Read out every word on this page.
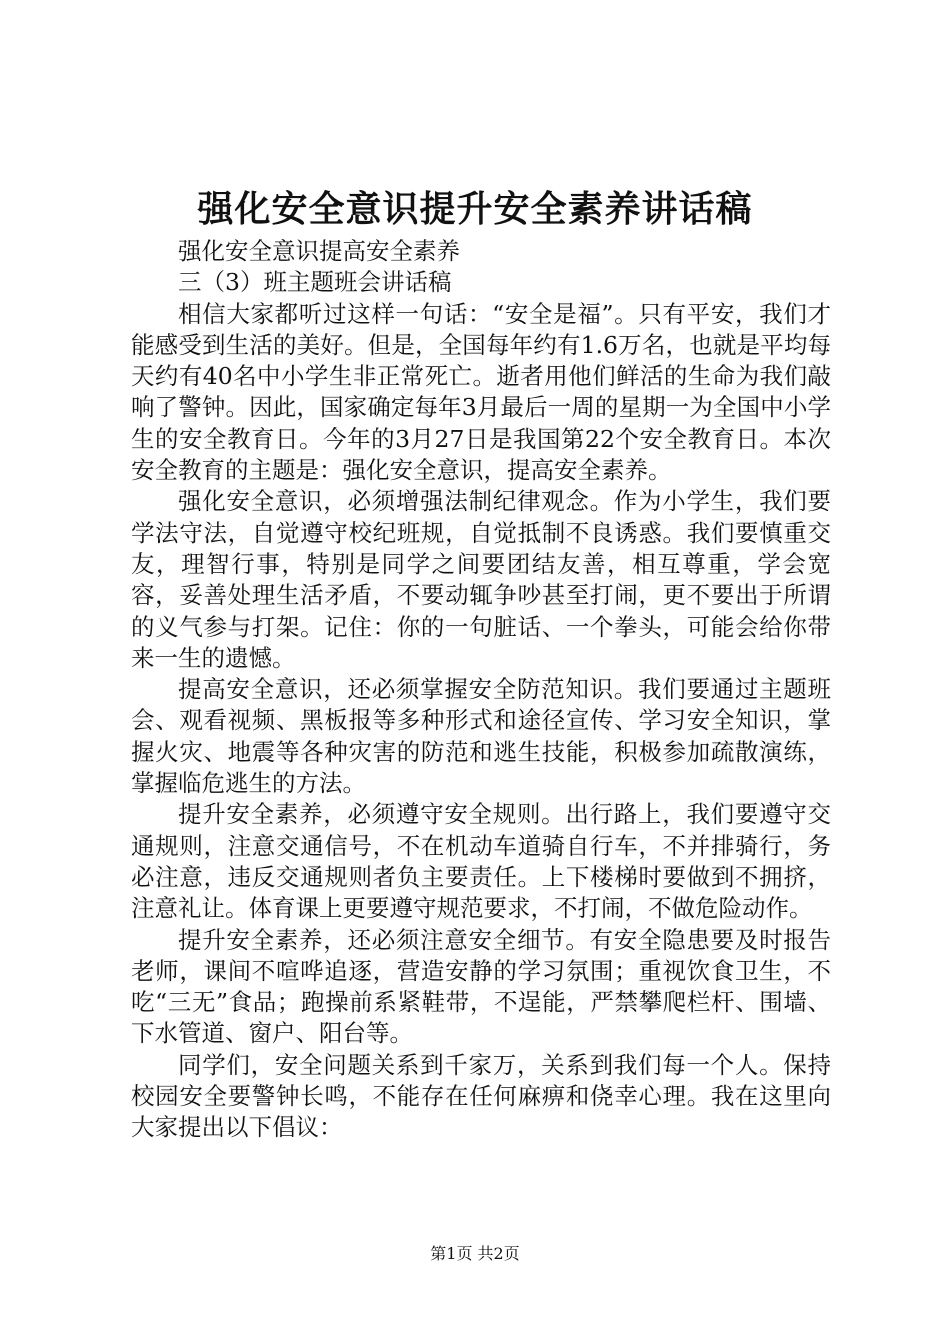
强化安全意识提升安全素养讲话稿

强化安全意识提高安全素养

三（3）班主题班会讲话稿

相信大家都听过这样一句话：“安全是福”。只有平安，我们才能感受到生活的美好。但是，全国每年约有1.6万名，也就是平均每天约有40名中小学生非正常死亡。逝者用他们鲜活的生命为我们敲响了警钟。因此，国家确定每年3月最后一周的星期一为全国中小学生的安全教育日。今年的3月27日是我国第22个安全教育日。本次安全教育的主题是：强化安全意识，提高安全素养。

强化安全意识，必须增强法制纪律观念。作为小学生，我们要学法守法，自觉遵守校纪班规，自觉抵制不良诱惑。我们要慎重交友，理智行事，特别是同学之间要团结友善，相互尊重，学会宽容，妥善处理生活矛盾，不要动辄争吵甚至打闹，更不要出于所谓的义气参与打架。记住：你的一句脏话、一个拳头，可能会给你带来一生的遗憾。

提高安全意识，还必须掌握安全防范知识。我们要通过主题班会、观看视频、黑板报等多种形式和途径宣传、学习安全知识，掌握火灾、地震等各种灾害的防范和逃生技能，积极参加疏散演练，掌握临危逃生的方法。

提升安全素养，必须遵守安全规则。出行路上，我们要遵守交通规则，注意交通信号，不在机动车道骑自行车，不并排骑行，务必注意，违反交通规则者负主要责任。上下楼梯时要做到不拥挤，注意礼让。体育课上更要遵守规范要求，不打闹，不做危险动作。

提升安全素养，还必须注意安全细节。有安全隐患要及时报告老师，课间不喧哗追逐，营造安静的学习氛围；重视饮食卫生，不吃“三无”食品；跑操前系紧鞋带，不逞能，严禁攀爬栏杆、围墙、下水管道、窗户、阳台等。

同学们，安全问题关系到千家万，关系到我们每一个人。保持校园安全要警钟长鸣，不能存在任何麻痹和侥幸心理。我在这里向大家提出以下倡议：

第1页 共2页
